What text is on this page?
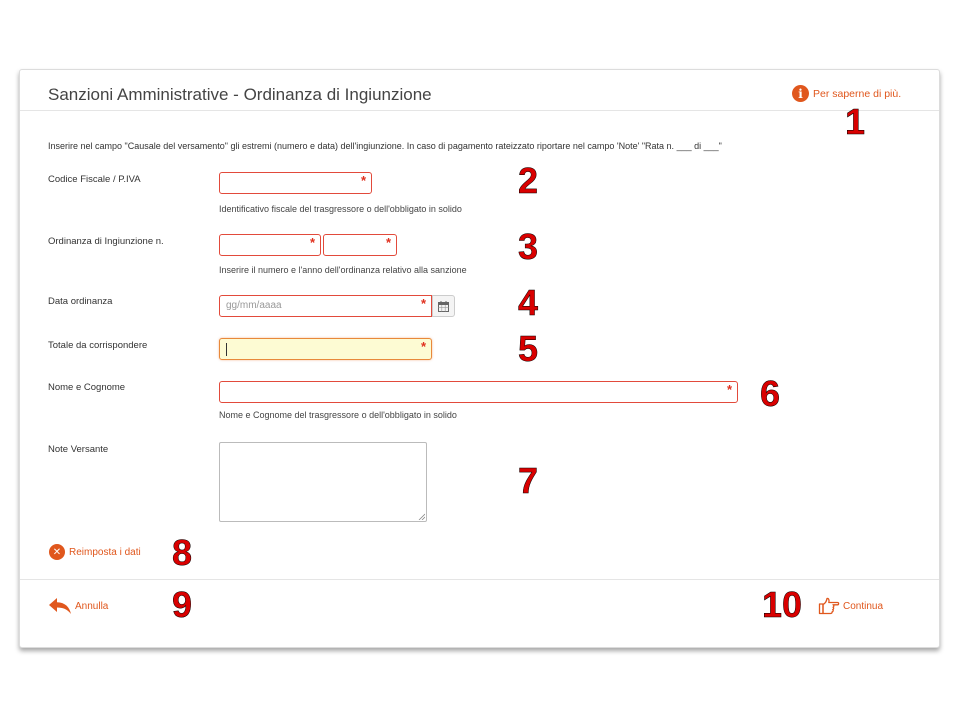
Sanzioni Amministrative - Ordinanza di Ingiunzione	i Per saperne di più.
Inserire nel campo "Causale del versamento" gli estremi (numero e data) dell'ingiunzione. In caso di pagamento rateizzato riportare nel campo 'Note' "Rata n. ___ di ___"
Codice Fiscale / P.IVA	*
Identificativo fiscale del trasgressore o dell'obbligato in solido
Ordinanza di Ingiunzione n.	*	*
Inserire il numero e l'anno dell'ordinanza relativo alla sanzione
Data ordinanza	gg/mm/aaaa	*
Totale da corrispondere	*
Nome e Cognome	*
Nome e Cognome del trasgressore o dell'obbligato in solido
Note Versante
✕ Reimposta i dati
Annulla	Continua
1
2
3
4
5
6
7
8
9	10
